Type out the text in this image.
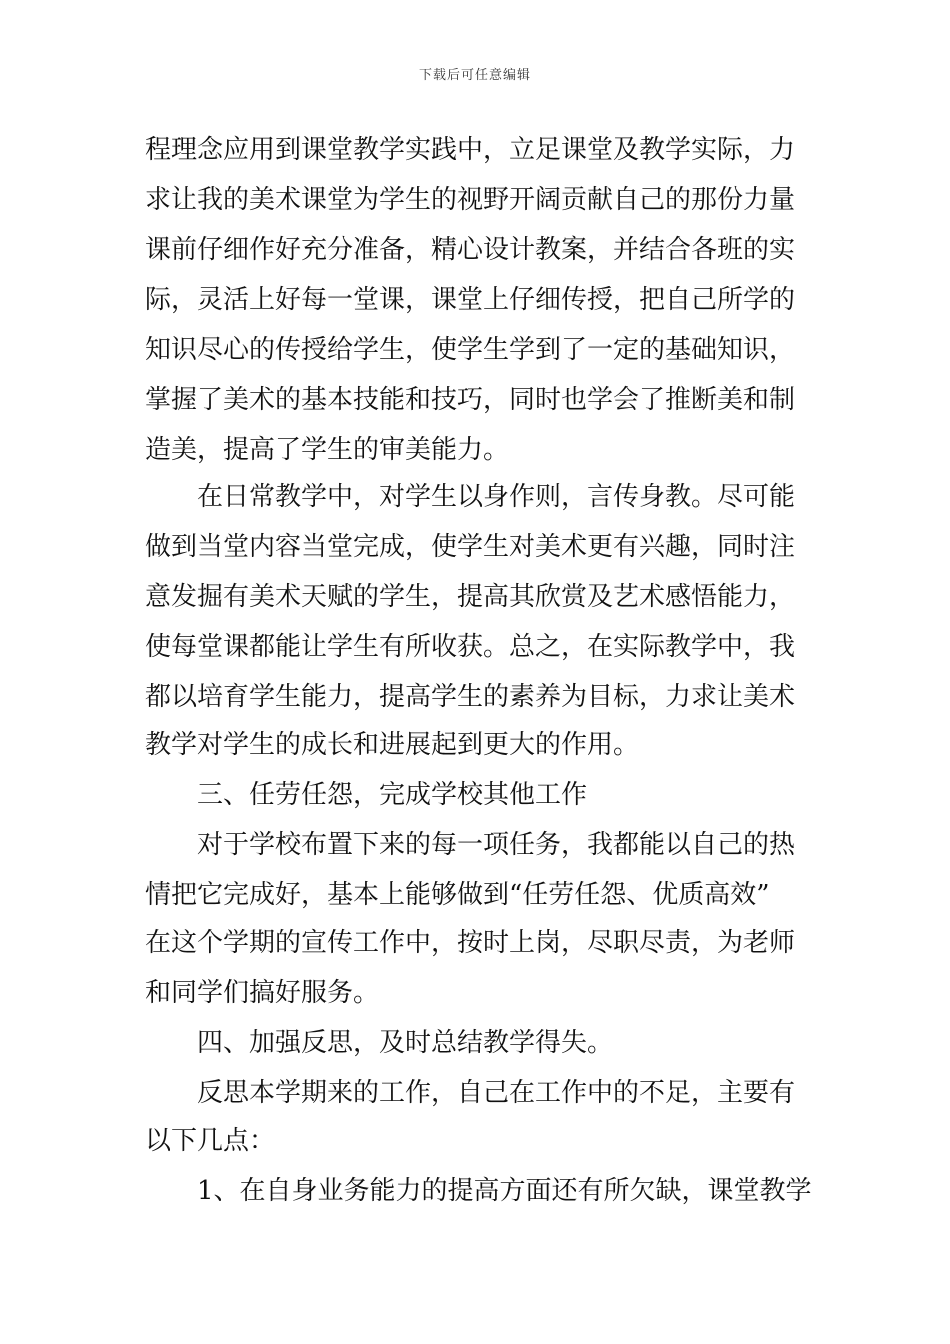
下载后可任意编辑
程理念应用到课堂教学实践中，立足课堂及教学实际，力
求让我的美术课堂为学生的视野开阔贡献自己的那份力量
课前仔细作好充分准备，精心设计教案，并结合各班的实
际，灵活上好每一堂课，课堂上仔细传授，把自己所学的
知识尽心的传授给学生，使学生学到了一定的基础知识，
掌握了美术的基本技能和技巧，同时也学会了推断美和制
造美，提高了学生的审美能力。
在日常教学中，对学生以身作则，言传身教。尽可能
做到当堂内容当堂完成，使学生对美术更有兴趣，同时注
意发掘有美术天赋的学生，提高其欣赏及艺术感悟能力，
使每堂课都能让学生有所收获。总之，在实际教学中，我
都以培育学生能力，提高学生的素养为目标，力求让美术
教学对学生的成长和进展起到更大的作用。
三、任劳任怨，完成学校其他工作
对于学校布置下来的每一项任务，我都能以自己的热
情把它完成好，基本上能够做到“任劳任怨、优质高效”
在这个学期的宣传工作中，按时上岗，尽职尽责，为老师
和同学们搞好服务。
四、加强反思，及时总结教学得失。
反思本学期来的工作，自己在工作中的不足，主要有
以下几点：
1、在自身业务能力的提高方面还有所欠缺，课堂教学
